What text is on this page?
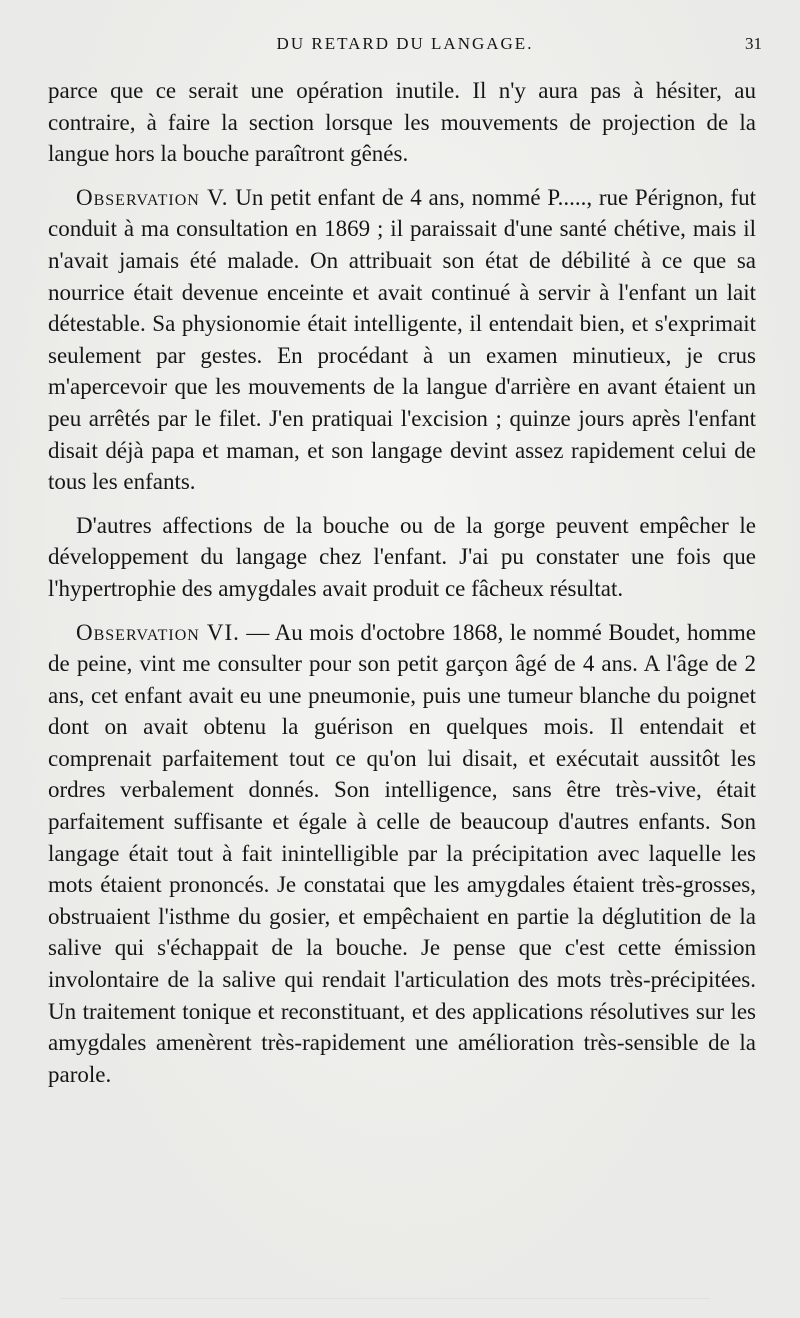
DU RETARD DU LANGAGE.	31

parce que ce serait une opération inutile. Il n'y aura pas à hésiter, au contraire, à faire la section lorsque les mouvements de projection de la langue hors la bouche paraîtront gênés.

Observation V. Un petit enfant de 4 ans, nommé P....., rue Pérignon, fut conduit à ma consultation en 1869 ; il paraissait d'une santé chétive, mais il n'avait jamais été malade. On attribuait son état de débilité à ce que sa nourrice était devenue enceinte et avait continué à servir à l'enfant un lait détestable. Sa physionomie était intelligente, il entendait bien, et s'exprimait seulement par gestes. En procédant à un examen minutieux, je crus m'apercevoir que les mouvements de la langue d'arrière en avant étaient un peu arrêtés par le filet. J'en pratiquai l'excision ; quinze jours après l'enfant disait déjà papa et maman, et son langage devint assez rapidement celui de tous les enfants.

D'autres affections de la bouche ou de la gorge peuvent empêcher le développement du langage chez l'enfant. J'ai pu constater une fois que l'hypertrophie des amygdales avait produit ce fâcheux résultat.

Observation VI. — Au mois d'octobre 1868, le nommé Boudet, homme de peine, vint me consulter pour son petit garçon âgé de 4 ans. A l'âge de 2 ans, cet enfant avait eu une pneumonie, puis une tumeur blanche du poignet dont on avait obtenu la guérison en quelques mois. Il entendait et comprenait parfaitement tout ce qu'on lui disait, et exécutait aussitôt les ordres verbalement donnés. Son intelligence, sans être très-vive, était parfaitement suffisante et égale à celle de beaucoup d'autres enfants. Son langage était tout à fait inintelligible par la précipitation avec laquelle les mots étaient prononcés. Je constatai que les amygdales étaient très-grosses, obstruaient l'isthme du gosier, et empêchaient en partie la déglutition de la salive qui s'échappait de la bouche. Je pense que c'est cette émission involontaire de la salive qui rendait l'articulation des mots très-précipitées. Un traitement tonique et reconstituant, et des applications résolutives sur les amygdales amenèrent très-rapidement une amélioration très-sensible de la parole.
